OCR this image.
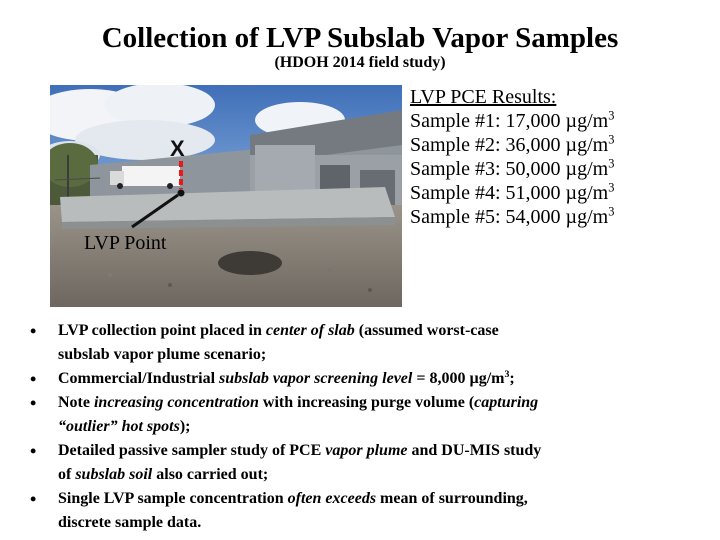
Collection of LVP Subslab Vapor Samples
(HDOH 2014 field study)
X
LVP Point
LVP PCE Results:
Sample #1: 17,000 $\mu g/m^3$
Sample #2: 36,000 $\mu g/m^3$
Sample #3: 50,000 $\mu g/m^3$
Sample #4: 51,000 $\mu g/m^3$
Sample #5: 54,000 $\mu g/m^3$
• LVP collection point placed in center of slab (assumed worst-case
subslab vapor plume scenario;
• Commercial/Industrial subslab vapor screening level = 8,000 $\mu g/m^3$;
• Note increasing concentration with increasing purge volume (capturing
“outlier” hot spots);
• Detailed passive sampler study of PCE vapor plume and DU-MIS study
of subslab soil also carried out;
• Single LVP sample concentration often exceeds mean of surrounding,
discrete sample data.
